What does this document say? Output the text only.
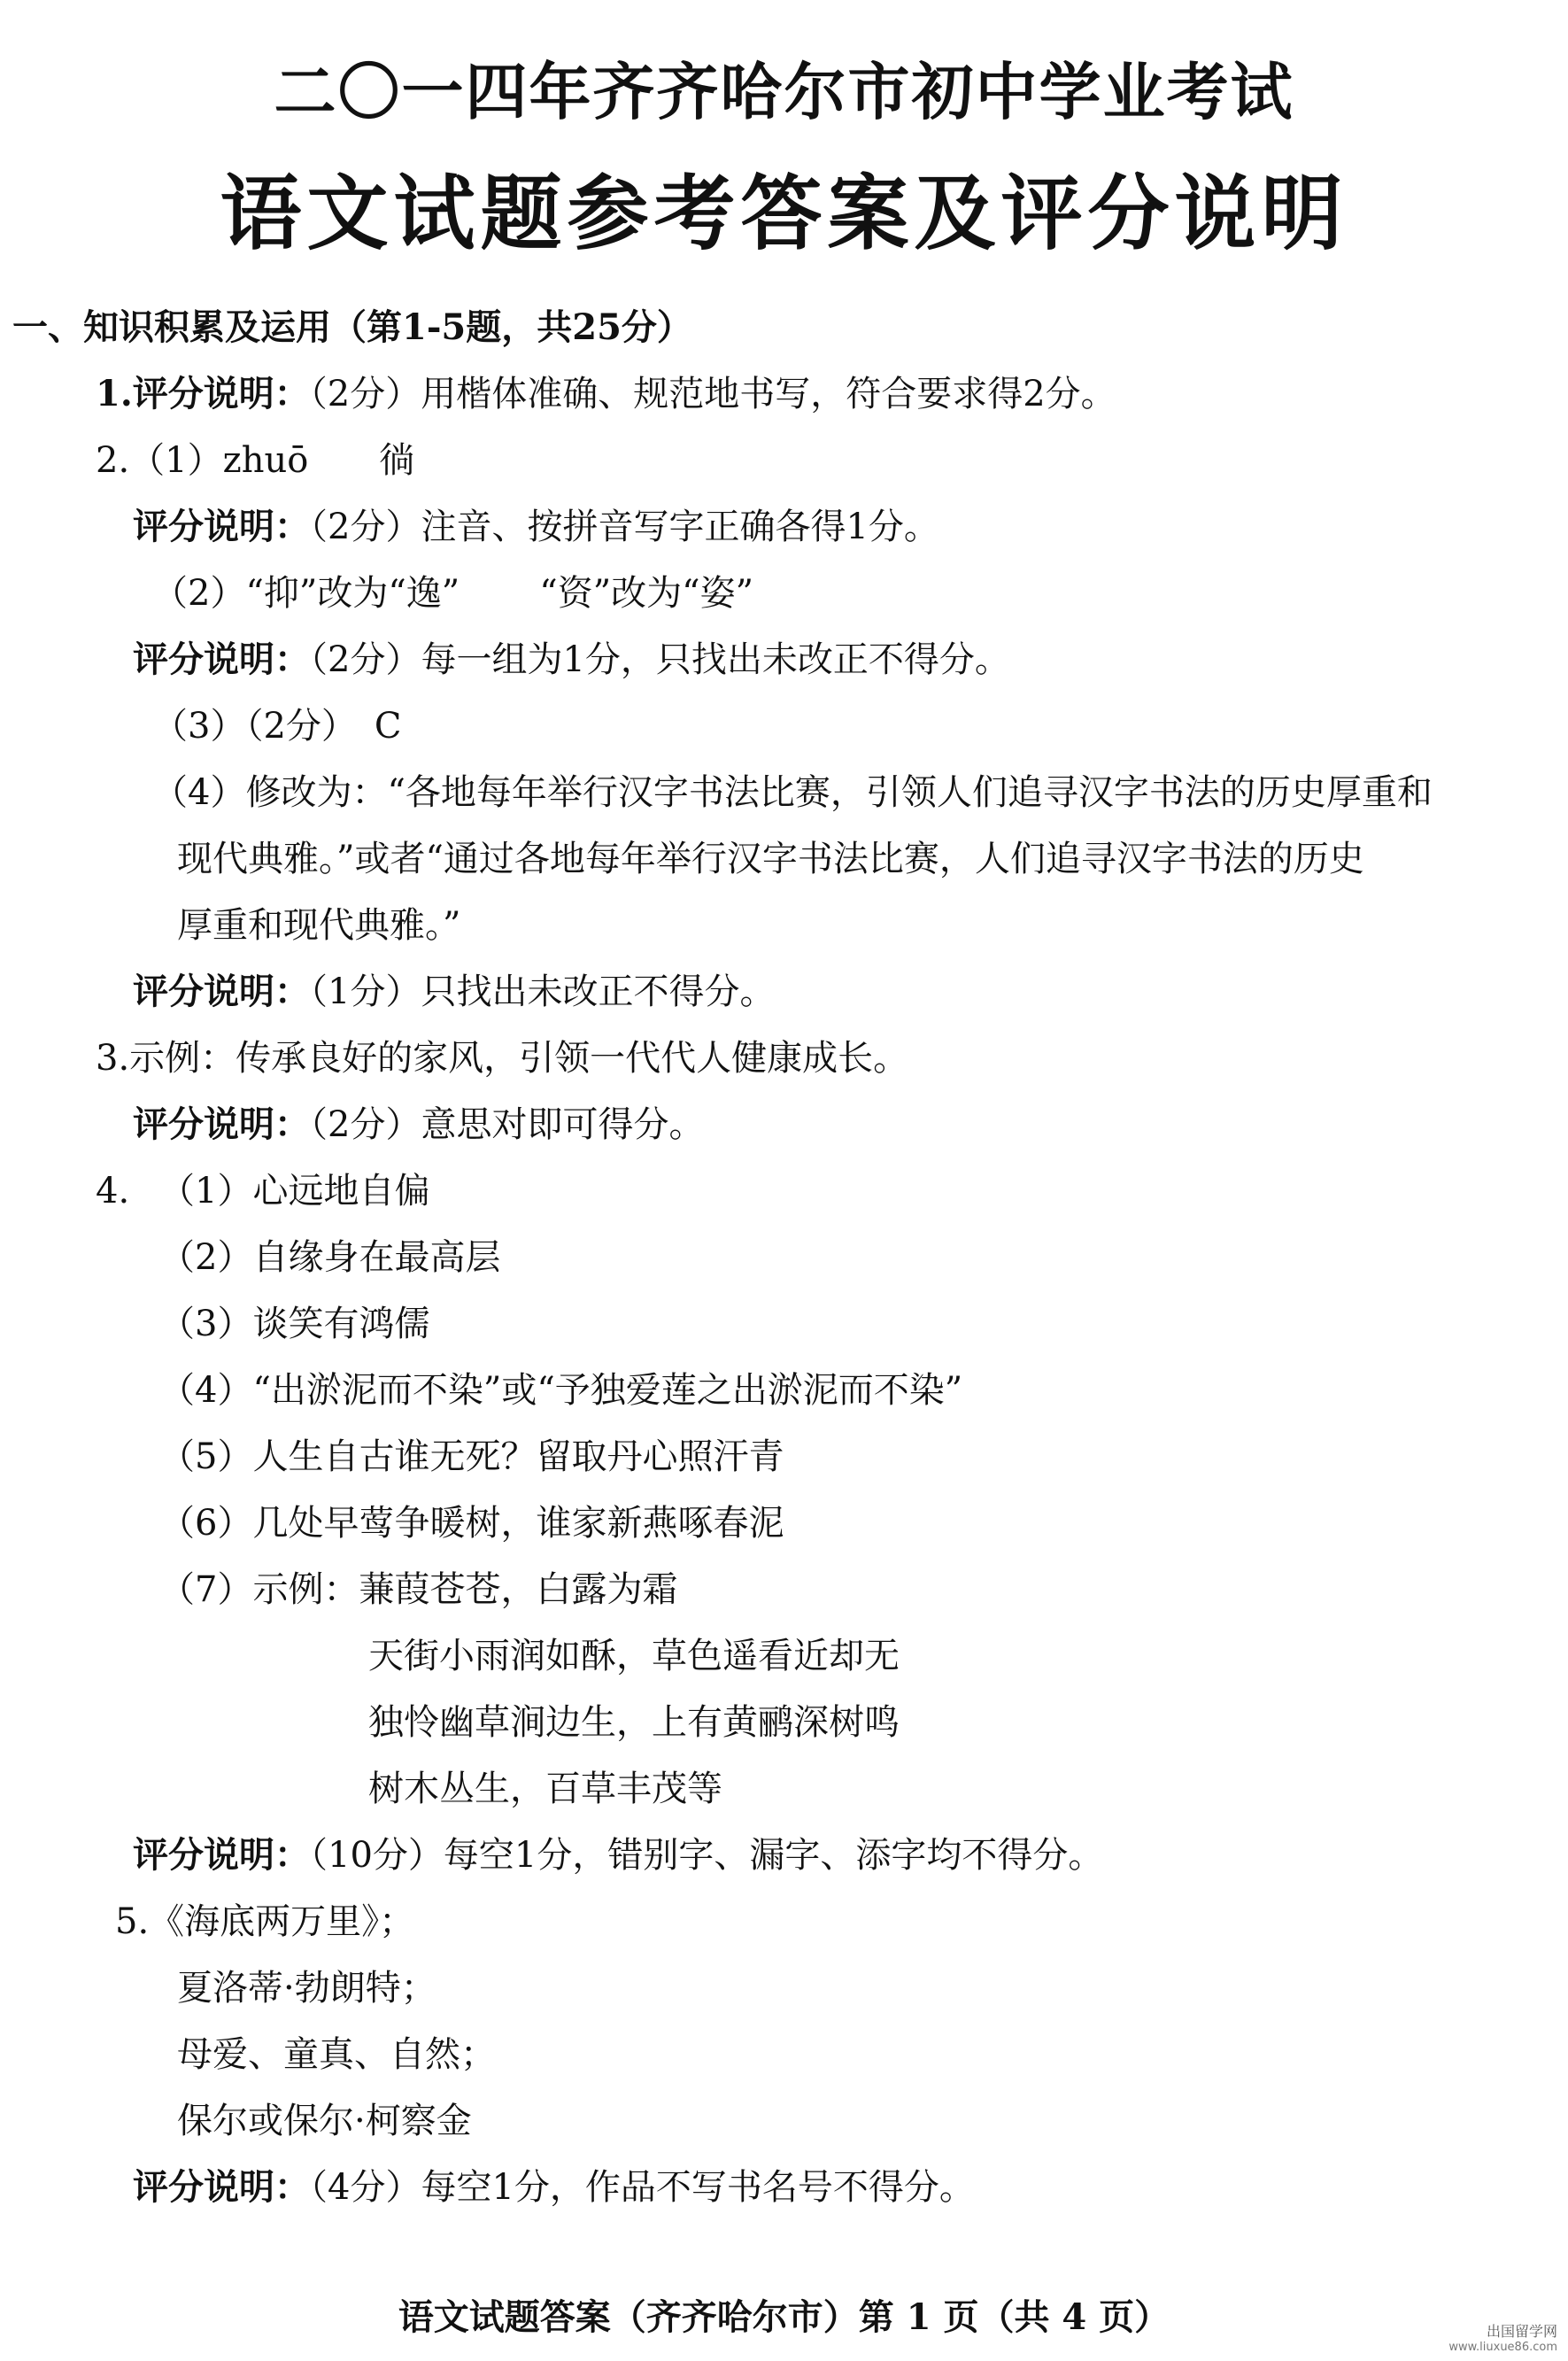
二〇一四年齐齐哈尔市初中学业考试
语文试题参考答案及评分说明
一、知识积累及运用（第1-5题，共25分）
1.评分说明：（2分）用楷体准确、规范地书写，符合要求得2分。
2.（1）zhuō 徜
评分说明：（2分）注音、按拼音写字正确各得1分。
（2）“抑”改为“逸” “资”改为“姿”
评分说明：（2分）每一组为1分，只找出未改正不得分。
（3）（2分）　C
（4）修改为：“各地每年举行汉字书法比赛，引领人们追寻汉字书法的历史厚重和
现代典雅。”或者“通过各地每年举行汉字书法比赛，人们追寻汉字书法的历史
厚重和现代典雅。”
评分说明：（1分）只找出未改正不得分。
3.示例：传承良好的家风，引领一代代人健康成长。
评分说明：（2分）意思对即可得分。
4. （1）心远地自偏
（2）自缘身在最高层
（3）谈笑有鸿儒
（4）“出淤泥而不染”或“予独爱莲之出淤泥而不染”
（5）人生自古谁无死？留取丹心照汗青
（6）几处早莺争暖树，谁家新燕啄春泥
（7）示例：蒹葭苍苍，白露为霜
天街小雨润如酥，草色遥看近却无
独怜幽草涧边生，上有黄鹂深树鸣
树木丛生，百草丰茂等
评分说明：（10分）每空1分，错别字、漏字、添字均不得分。
5.《海底两万里》；
夏洛蒂·勃朗特；
母爱、童真、自然；
保尔或保尔·柯察金
评分说明：（4分）每空1分，作品不写书名号不得分。
语文试题答案（齐齐哈尔市）第 1 页（共 4 页）	出国留学网
www.liuxue86.com
